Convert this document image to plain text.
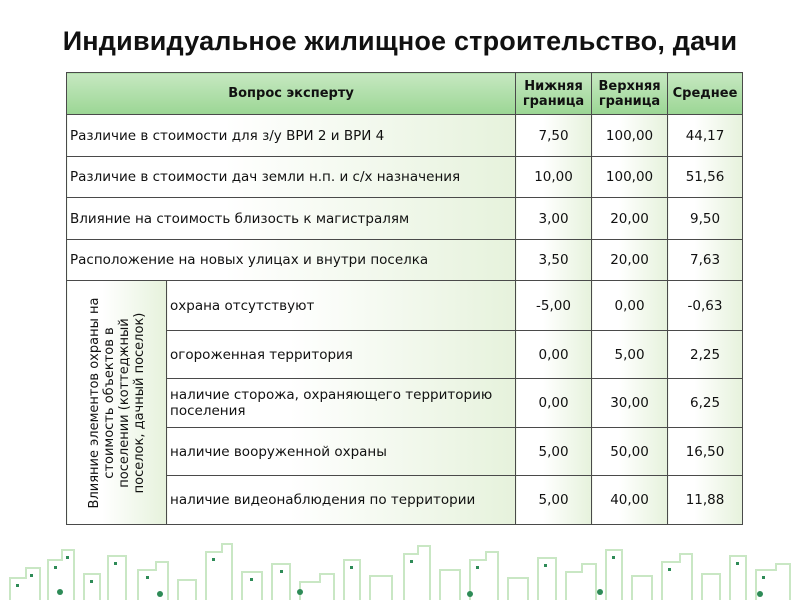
Индивидуальное жилищное строительство, дачи
Вопрос эксперту		Нижняя граница	Верхняя граница	Среднее
Различие в стоимости для з/у ВРИ 2 и ВРИ 4		7,50	100,00	44,17
Различие в стоимости дач земли н.п. и с/х назначения		10,00	100,00	51,56
Влияние на стоимость близость к магистралям		3,00	20,00	9,50
Расположение на новых улицах и внутри поселка		3,50	20,00	7,63

Влияние элементов охраны на стоимость объектов в поселении (коттеджный поселок, дачный поселок)	охрана отсутствуют	-5,00	0,00	-0,63
	огороженная территория	0,00	5,00	2,25
	наличие сторожа, охраняющего территорию поселения	0,00	30,00	6,25
	наличие вооруженной охраны	5,00	50,00	16,50
	наличие видеонаблюдения по территории	5,00	40,00	11,88
